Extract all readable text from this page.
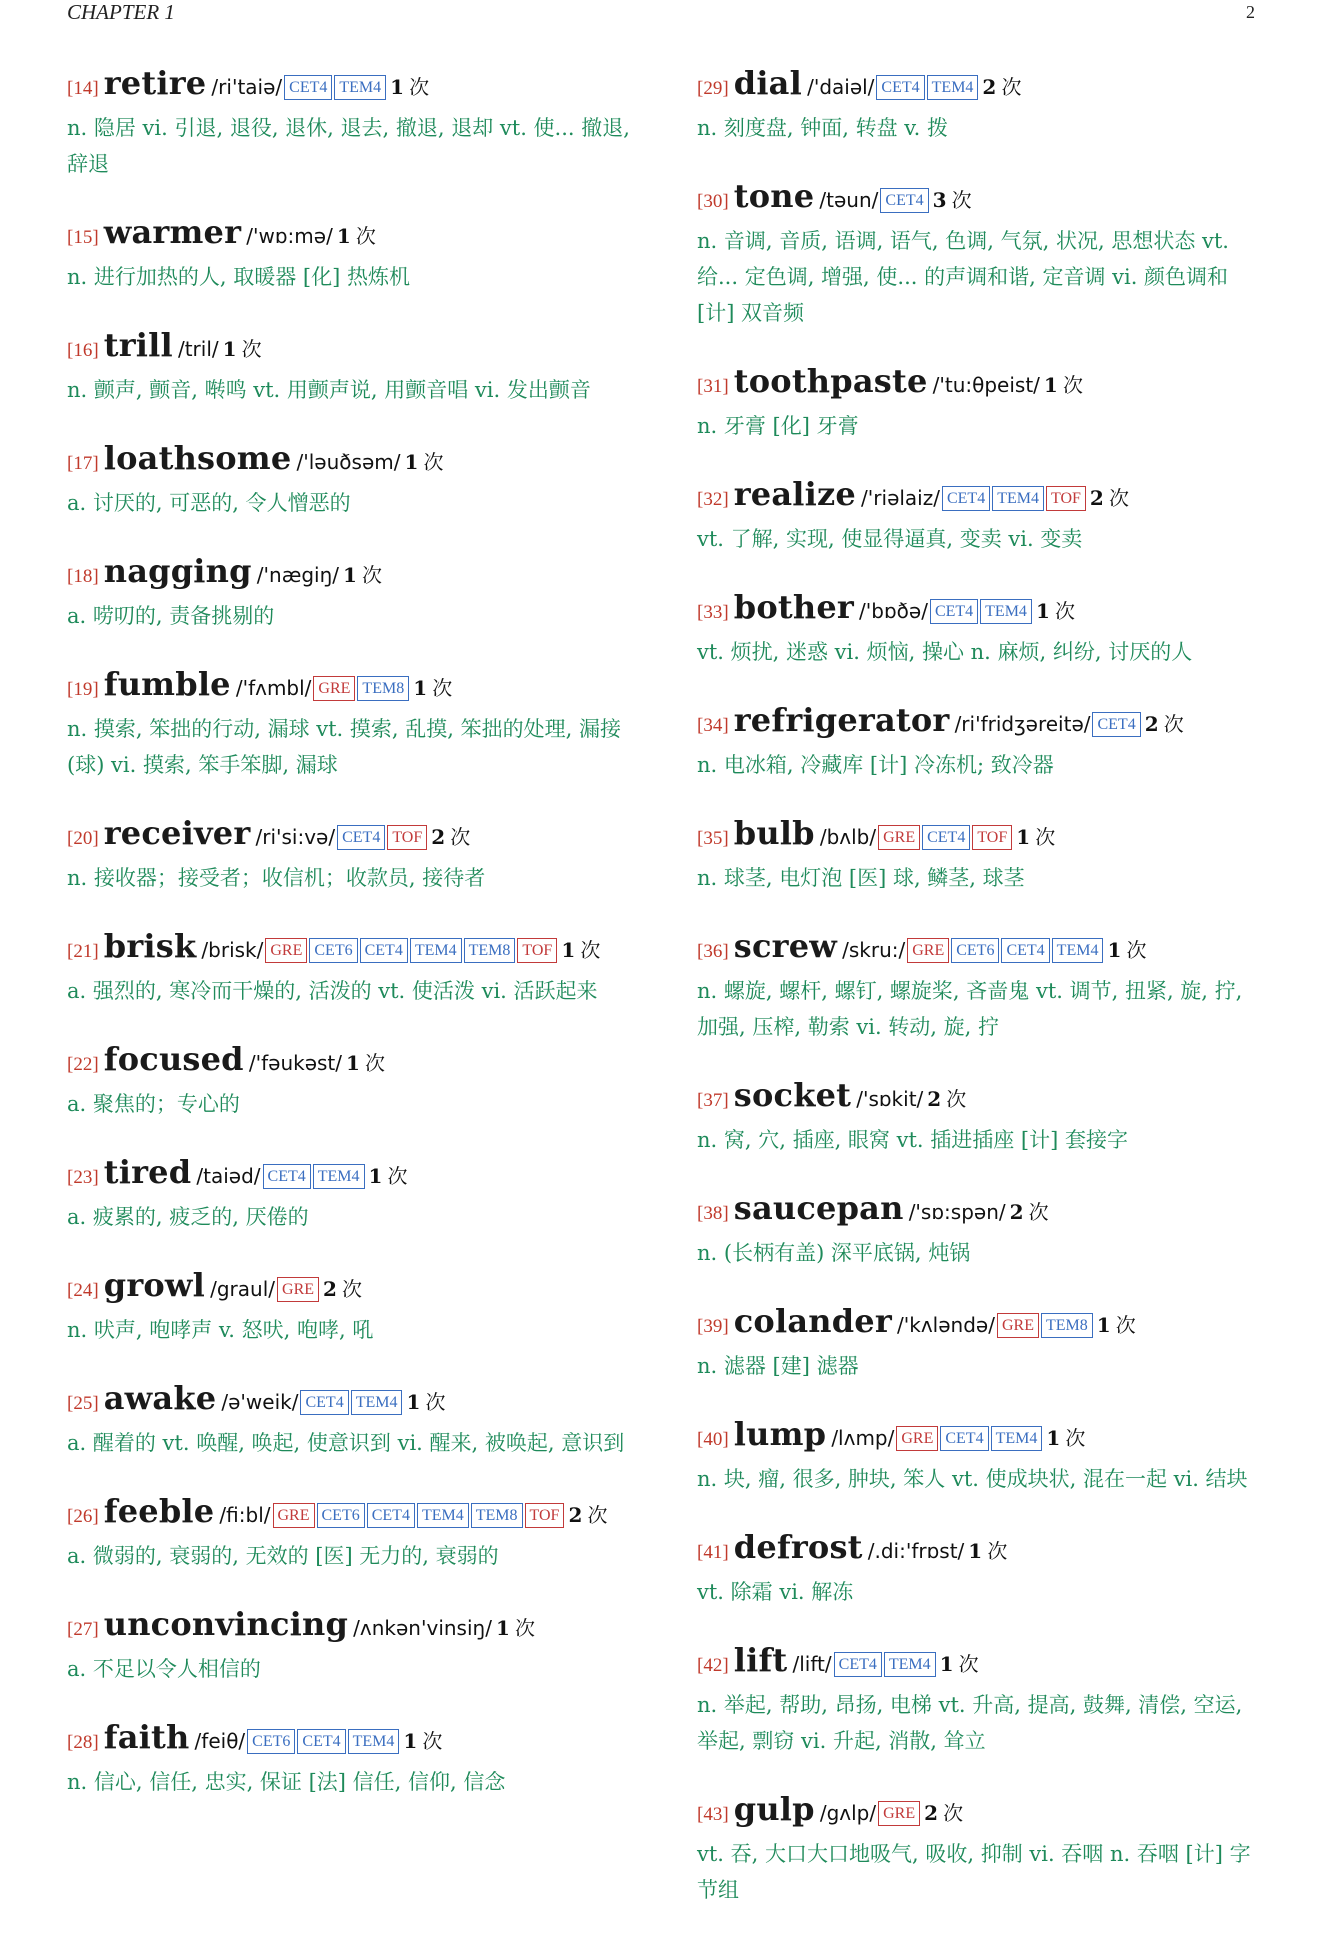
CHAPTER 1	2
[14] retire /ri'taiə/ CET4 TEM4 1 次
n. 隐居 vi. 引退, 退役, 退休, 退去, 撤退, 退却 vt. 使... 撤退, 辞退
[15] warmer /'wɒ:mə/ 1 次
n. 进行加热的人, 取暖器 [化] 热炼机
[16] trill /tril/ 1 次
n. 颤声, 颤音, 啭鸣 vt. 用颤声说, 用颤音唱 vi. 发出颤音
[17] loathsome /'ləuðsəm/ 1 次
a. 讨厌的, 可恶的, 令人憎恶的
[18] nagging /'nægiŋ/ 1 次
a. 唠叨的, 责备挑剔的
[19] fumble /'fʌmbl/ GRE TEM8 1 次
n. 摸索, 笨拙的行动, 漏球 vt. 摸索, 乱摸, 笨拙的处理, 漏接 (球) vi. 摸索, 笨手笨脚, 漏球
[20] receiver /ri'si:və/ CET4 TOF 2 次
n. 接收器；接受者；收信机；收款员, 接待者
[21] brisk /brisk/ GRE CET6 CET4 TEM4 TEM8 TOF 1 次
a. 强烈的, 寒冷而干燥的, 活泼的 vt. 使活泼 vi. 活跃起来
[22] focused /'fəukəst/ 1 次
a. 聚焦的；专心的
[23] tired /taiəd/ CET4 TEM4 1 次
a. 疲累的, 疲乏的, 厌倦的
[24] growl /graul/ GRE 2 次
n. 吠声, 咆哮声 v. 怒吠, 咆哮, 吼
[25] awake /ə'weik/ CET4 TEM4 1 次
a. 醒着的 vt. 唤醒, 唤起, 使意识到 vi. 醒来, 被唤起, 意识到
[26] feeble /fi:bl/ GRE CET6 CET4 TEM4 TEM8 TOF 2 次
a. 微弱的, 衰弱的, 无效的 [医] 无力的, 衰弱的
[27] unconvincing /ʌnkən'vinsiŋ/ 1 次
a. 不足以令人相信的
[28] faith /feiθ/ CET6 CET4 TEM4 1 次
n. 信心, 信任, 忠实, 保证 [法] 信任, 信仰, 信念
[29] dial /'daiəl/ CET4 TEM4 2 次
n. 刻度盘, 钟面, 转盘 v. 拨
[30] tone /təun/ CET4 3 次
n. 音调, 音质, 语调, 语气, 色调, 气氛, 状况, 思想状态 vt. 给... 定色调, 增强, 使... 的声调和谐, 定音调 vi. 颜色调和 [计] 双音频
[31] toothpaste /'tu:θpeist/ 1 次
n. 牙膏 [化] 牙膏
[32] realize /'riəlaiz/ CET4 TEM4 TOF 2 次
vt. 了解, 实现, 使显得逼真, 变卖 vi. 变卖
[33] bother /'bɒðə/ CET4 TEM4 1 次
vt. 烦扰, 迷惑 vi. 烦恼, 操心 n. 麻烦, 纠纷, 讨厌的人
[34] refrigerator /ri'fridʒəreitə/ CET4 2 次
n. 电冰箱, 冷藏库 [计] 冷冻机; 致冷器
[35] bulb /bʌlb/ GRE CET4 TOF 1 次
n. 球茎, 电灯泡 [医] 球, 鳞茎, 球茎
[36] screw /skru:/ GRE CET6 CET4 TEM4 1 次
n. 螺旋, 螺杆, 螺钉, 螺旋桨, 吝啬鬼 vt. 调节, 扭紧, 旋, 拧, 加强, 压榨, 勒索 vi. 转动, 旋, 拧
[37] socket /'sɒkit/ 2 次
n. 窝, 穴, 插座, 眼窝 vt. 插进插座 [计] 套接字
[38] saucepan /'sɒ:spən/ 2 次
n. (长柄有盖) 深平底锅, 炖锅
[39] colander /'kʌləndə/ GRE TEM8 1 次
n. 滤器 [建] 滤器
[40] lump /lʌmp/ GRE CET4 TEM4 1 次
n. 块, 瘤, 很多, 肿块, 笨人 vt. 使成块状, 混在一起 vi. 结块
[41] defrost /.di:'frɒst/ 1 次
vt. 除霜 vi. 解冻
[42] lift /lift/ CET4 TEM4 1 次
n. 举起, 帮助, 昂扬, 电梯 vt. 升高, 提高, 鼓舞, 清偿, 空运, 举起, 剽窃 vi. 升起, 消散, 耸立
[43] gulp /gʌlp/ GRE 2 次
vt. 吞, 大口大口地吸气, 吸收, 抑制 vi. 吞咽 n. 吞咽 [计] 字节组
